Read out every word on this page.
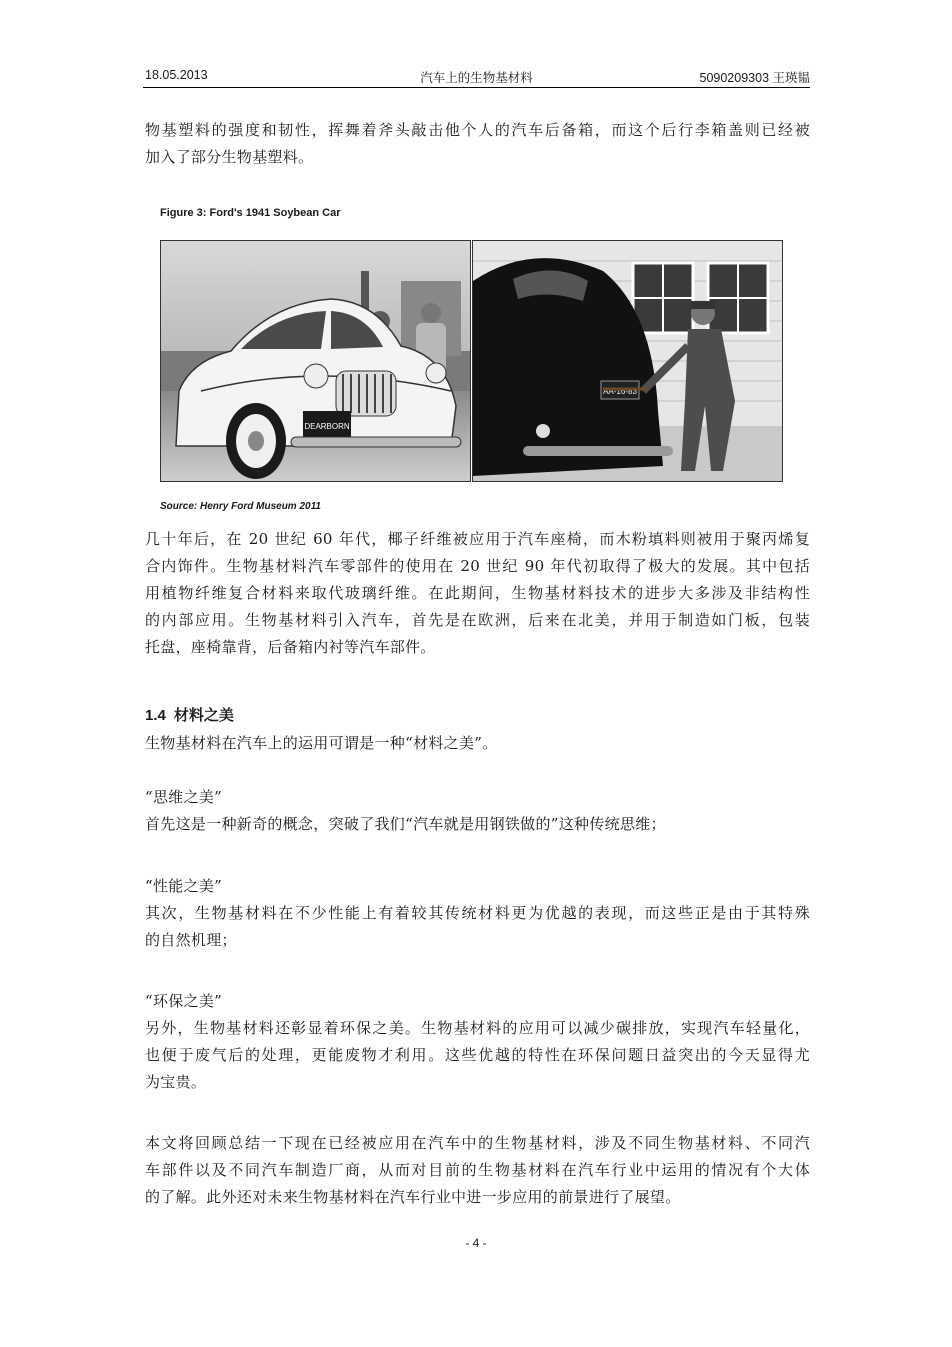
18.05.2013	汽车上的生物基材料	5090209303 王瑛韫
物基塑料的强度和韧性，挥舞着斧头敲击他个人的汽车后备箱，而这个后行李箱盖则已经被
加入了部分生物基塑料。
Figure 3: Ford's 1941 Soybean Car
DEARBORN
AA-16-83
Source: Henry Ford Museum 2011
几十年后，在 20 世纪 60 年代，椰子纤维被应用于汽车座椅，而木粉填料则被用于聚丙烯复
合内饰件。生物基材料汽车零部件的使用在 20 世纪 90 年代初取得了极大的发展。其中包括
用植物纤维复合材料来取代玻璃纤维。在此期间，生物基材料技术的进步大多涉及非结构性
的内部应用。生物基材料引入汽车，首先是在欧洲，后来在北美，并用于制造如门板，包装
托盘，座椅靠背，后备箱内衬等汽车部件。
1.4 材料之美
生物基材料在汽车上的运用可谓是一种“材料之美”。
“思维之美”
首先这是一种新奇的概念，突破了我们“汽车就是用钢铁做的”这种传统思维；
“性能之美”
其次，生物基材料在不少性能上有着较其传统材料更为优越的表现，而这些正是由于其特殊
的自然机理；
“环保之美”
另外，生物基材料还彰显着环保之美。生物基材料的应用可以减少碳排放，实现汽车轻量化，
也便于废气后的处理，更能废物才利用。这些优越的特性在环保问题日益突出的今天显得尤
为宝贵。
本文将回顾总结一下现在已经被应用在汽车中的生物基材料，涉及不同生物基材料、不同汽
车部件以及不同汽车制造厂商，从而对目前的生物基材料在汽车行业中运用的情况有个大体
的了解。此外还对未来生物基材料在汽车行业中进一步应用的前景进行了展望。
- 4 -
